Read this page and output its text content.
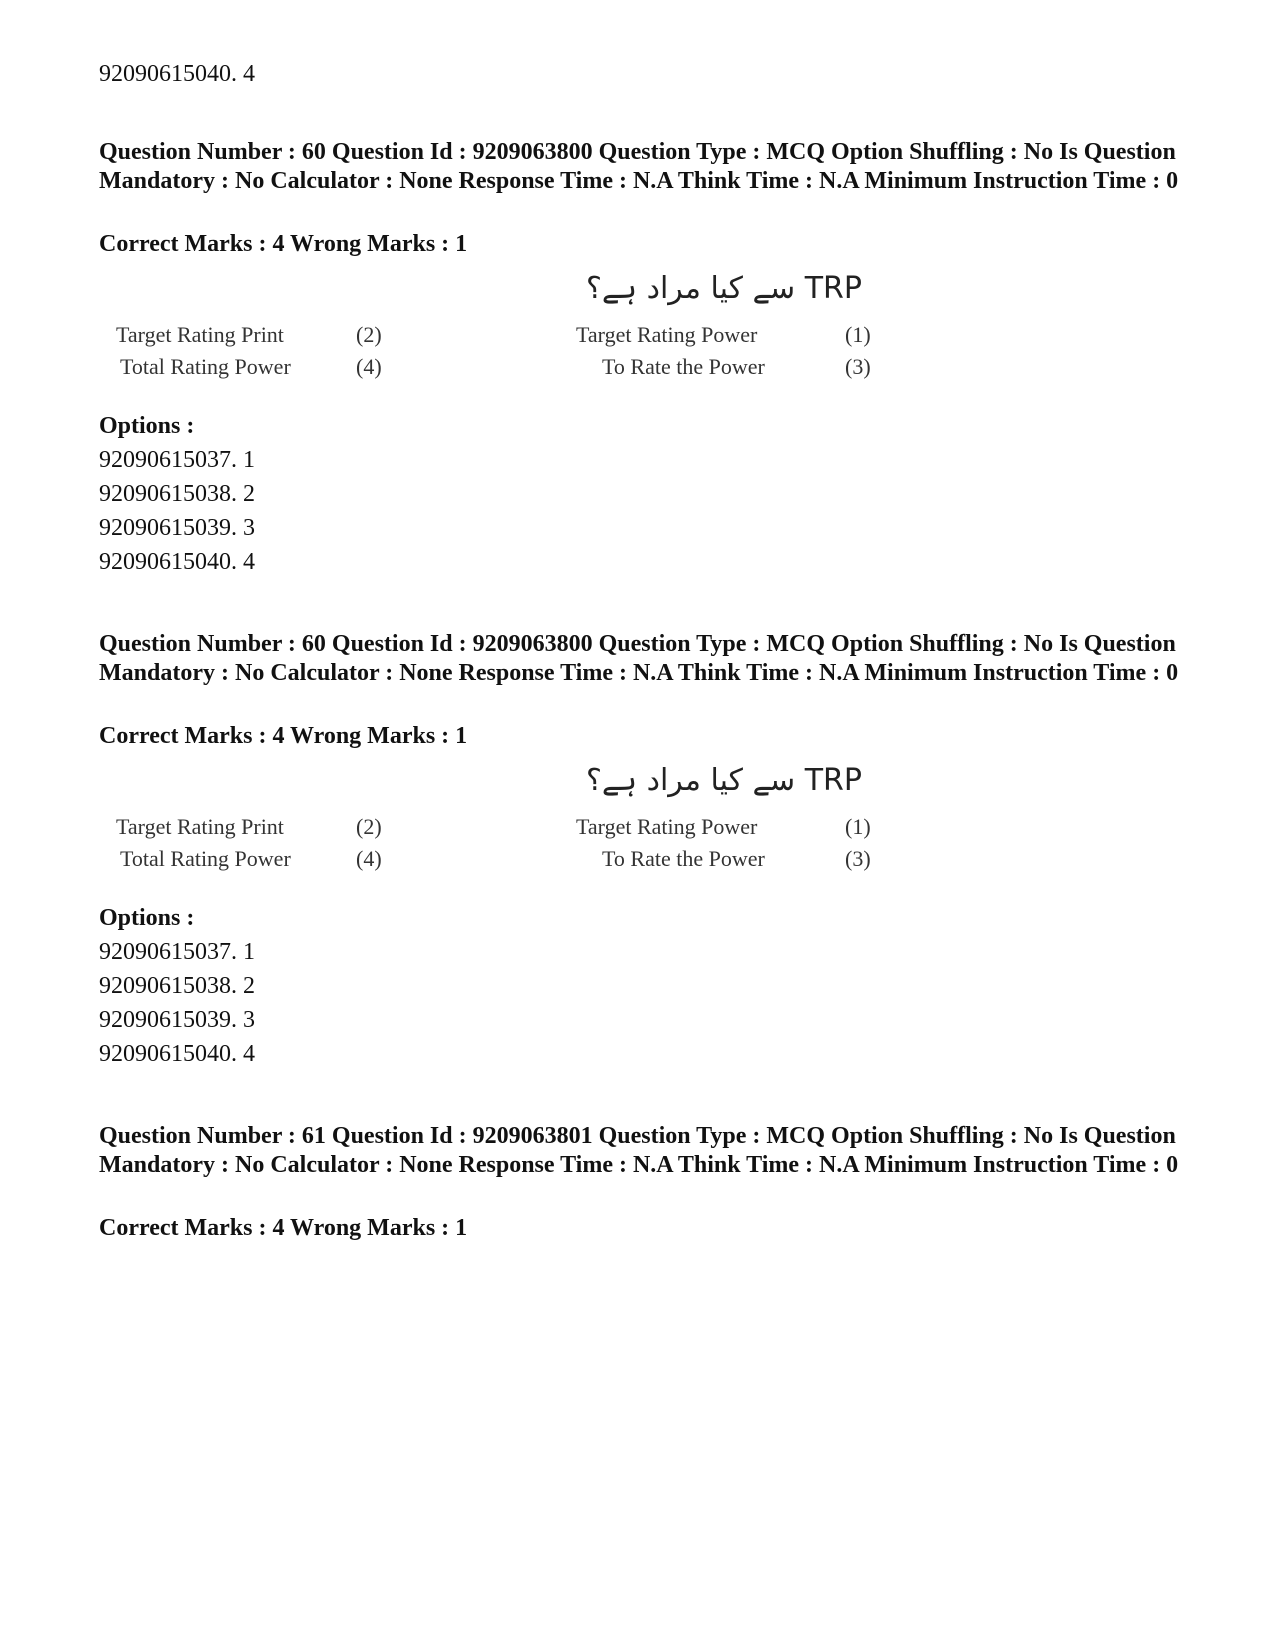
92090615040. 4
Question Number : 60 Question Id : 9209063800 Question Type : MCQ Option Shuffling : No Is Question Mandatory : No Calculator : None Response Time : N.A Think Time : N.A Minimum Instruction Time : 0
Correct Marks : 4 Wrong Marks : 1
TRP سے کیا مراد ہے؟
Target Rating Power	(1)
Target Rating Print	(2)
To Rate the Power	(3)
Total Rating Power	(4)
Options :
92090615037. 1
92090615038. 2
92090615039. 3
92090615040. 4
Question Number : 60 Question Id : 9209063800 Question Type : MCQ Option Shuffling : No Is Question Mandatory : No Calculator : None Response Time : N.A Think Time : N.A Minimum Instruction Time : 0
Correct Marks : 4 Wrong Marks : 1
TRP سے کیا مراد ہے؟
Target Rating Power	(1)
Target Rating Print	(2)
To Rate the Power	(3)
Total Rating Power	(4)
Options :
92090615037. 1
92090615038. 2
92090615039. 3
92090615040. 4
Question Number : 61 Question Id : 9209063801 Question Type : MCQ Option Shuffling : No Is Question Mandatory : No Calculator : None Response Time : N.A Think Time : N.A Minimum Instruction Time : 0
Correct Marks : 4 Wrong Marks : 1
